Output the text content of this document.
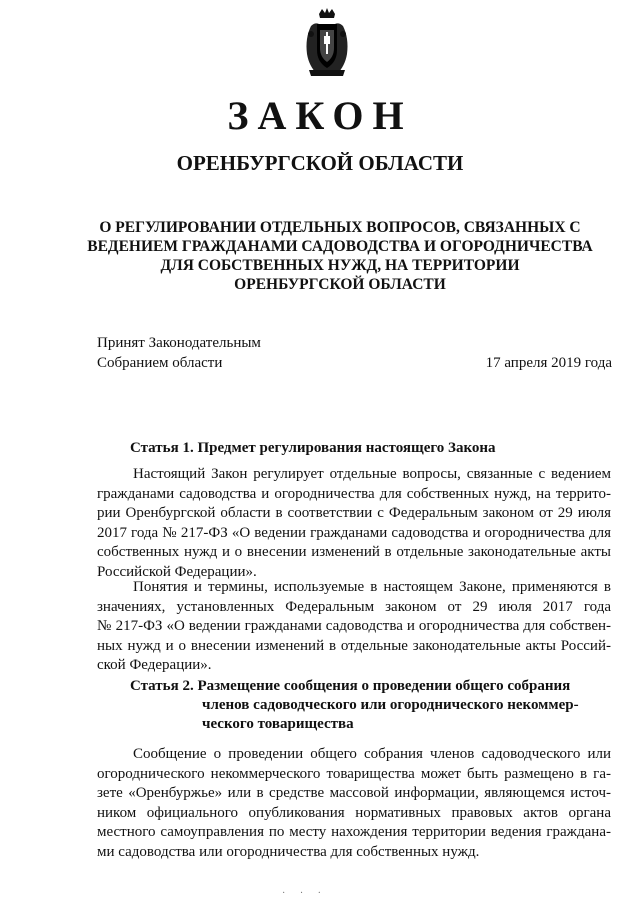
ЗАКОН
ОРЕНБУРГСКОЙ ОБЛАСТИ
О РЕГУЛИРОВАНИИ ОТДЕЛЬНЫХ ВОПРОСОВ, СВЯЗАННЫХ С
ВЕДЕНИЕМ ГРАЖДАНАМИ САДОВОДСТВА И ОГОРОДНИЧЕСТВА
ДЛЯ СОБСТВЕННЫХ НУЖД, НА ТЕРРИТОРИИ
ОРЕНБУРГСКОЙ ОБЛАСТИ
Принят Законодательным
Собранием области	17 апреля 2019 года
Статья 1. Предмет регулирования настоящего Закона
Настоящий Закон регулирует отдельные вопросы, связанные с ведением
гражданами садоводства и огородничества для собственных нужд, на террито-
рии Оренбургской области в соответствии с Федеральным законом от 29 июля
2017 года № 217-ФЗ «О ведении гражданами садоводства и огородничества для
собственных нужд и о внесении изменений в отдельные законодательные акты
Российской Федерации».
Понятия и термины, используемые в настоящем Законе, применяются в
значениях, установленных Федеральным законом от 29 июля 2017 года
№ 217-ФЗ «О ведении гражданами садоводства и огородничества для собствен-
ных нужд и о внесении изменений в отдельные законодательные акты Россий-
ской Федерации».
Статья 2. Размещение сообщения о проведении общего собрания
членов садоводческого или огороднического некоммер-
ческого товарищества
Сообщение о проведении общего собрания членов садоводческого или
огороднического некоммерческого товарищества может быть размещено в га-
зете «Оренбуржье» или в средстве массовой информации, являющемся источ-
ником официального опубликования нормативных правовых актов органа
местного самоуправления по месту нахождения территории ведения граждана-
ми садоводства или огородничества для собственных нужд.
· · ·
